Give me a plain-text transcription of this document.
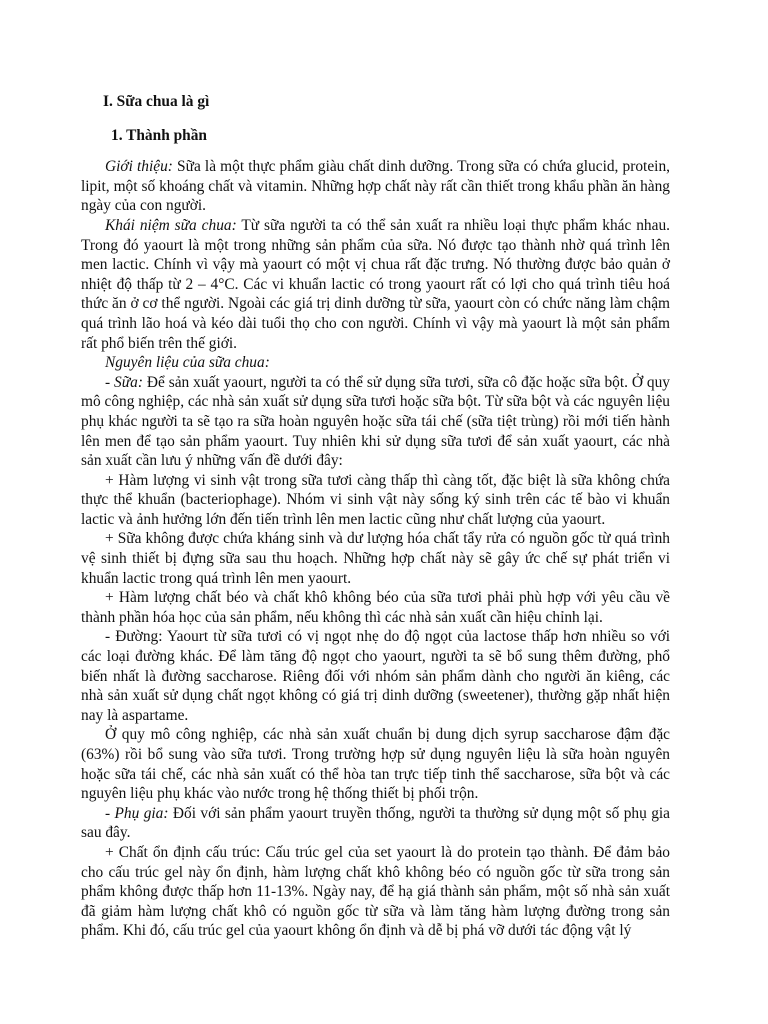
I. Sữa chua là gì
1. Thành phần

Giới thiệu: Sữa là một thực phẩm giàu chất dinh dưỡng. Trong sữa có chứa glucid, protein, lipit, một số khoáng chất và vitamin. Những hợp chất này rất cần thiết trong khẩu phần ăn hàng ngày của con người.

Khái niệm sữa chua: Từ sữa người ta có thể sản xuất ra nhiều loại thực phẩm khác nhau. Trong đó yaourt là một trong những sản phẩm của sữa. Nó được tạo thành nhờ quá trình lên men lactic. Chính vì vậy mà yaourt có một vị chua rất đặc trưng. Nó thường được bảo quản ở nhiệt độ thấp từ 2 – 4°C. Các vi khuẩn lactic có trong yaourt rất có lợi cho quá trình tiêu hoá thức ăn ở cơ thể người. Ngoài các giá trị dinh dưỡng từ sữa, yaourt còn có chức năng làm chậm quá trình lão hoá và kéo dài tuổi thọ cho con người. Chính vì vậy mà yaourt là một sản phẩm rất phổ biến trên thế giới.

Nguyên liệu của sữa chua:

- Sữa: Để sản xuất yaourt, người ta có thể sử dụng sữa tươi, sữa cô đặc hoặc sữa bột. Ở quy mô công nghiệp, các nhà sản xuất sử dụng sữa tươi hoặc sữa bột. Từ sữa bột và các nguyên liệu phụ khác người ta sẽ tạo ra sữa hoàn nguyên hoặc sữa tái chế (sữa tiệt trùng) rồi mới tiến hành lên men để tạo sản phẩm yaourt. Tuy nhiên khi sử dụng sữa tươi để sản xuất yaourt, các nhà sản xuất cần lưu ý những vấn đề dưới đây:

+ Hàm lượng vi sinh vật trong sữa tươi càng thấp thì càng tốt, đặc biệt là sữa không chứa thực thể khuẩn (bacteriophage). Nhóm vi sinh vật này sống ký sinh trên các tế bào vi khuẩn lactic và ảnh hưởng lớn đến tiến trình lên men lactic cũng như chất lượng của yaourt.

+ Sữa không được chứa kháng sinh và dư lượng hóa chất tẩy rửa có nguồn gốc từ quá trình vệ sinh thiết bị đựng sữa sau thu hoạch. Những hợp chất này sẽ gây ức chế sự phát triển vi khuẩn lactic trong quá trình lên men yaourt.

+ Hàm lượng chất béo và chất khô không béo của sữa tươi phải phù hợp với yêu cầu về thành phần hóa học của sản phẩm, nếu không thì các nhà sản xuất cần hiệu chỉnh lại.

- Đường: Yaourt từ sữa tươi có vị ngọt nhẹ do độ ngọt của lactose thấp hơn nhiều so với các loại đường khác. Để làm tăng độ ngọt cho yaourt, người ta sẽ bổ sung thêm đường, phổ biến nhất là đường saccharose. Riêng đối với nhóm sản phẩm dành cho người ăn kiêng, các nhà sản xuất sử dụng chất ngọt không có giá trị dinh dưỡng (sweetener), thường gặp nhất hiện nay là aspartame.

Ở quy mô công nghiệp, các nhà sản xuất chuẩn bị dung dịch syrup saccharose đậm đặc (63%) rồi bổ sung vào sữa tươi. Trong trường hợp sử dụng nguyên liệu là sữa hoàn nguyên hoặc sữa tái chế, các nhà sản xuất có thể hòa tan trực tiếp tinh thể saccharose, sữa bột và các nguyên liệu phụ khác vào nước trong hệ thống thiết bị phối trộn.

- Phụ gia: Đối với sản phẩm yaourt truyền thống, người ta thường sử dụng một số phụ gia sau đây.

+ Chất ổn định cấu trúc: Cấu trúc gel của set yaourt là do protein tạo thành. Để đảm bảo cho cấu trúc gel này ổn định, hàm lượng chất khô không béo có nguồn gốc từ sữa trong sản phẩm không được thấp hơn 11-13%. Ngày nay, để hạ giá thành sản phẩm, một số nhà sản xuất đã giảm hàm lượng chất khô có nguồn gốc từ sữa và làm tăng hàm lượng đường trong sản phẩm. Khi đó, cấu trúc gel của yaourt không ổn định và dễ bị phá vỡ dưới tác động vật lý
